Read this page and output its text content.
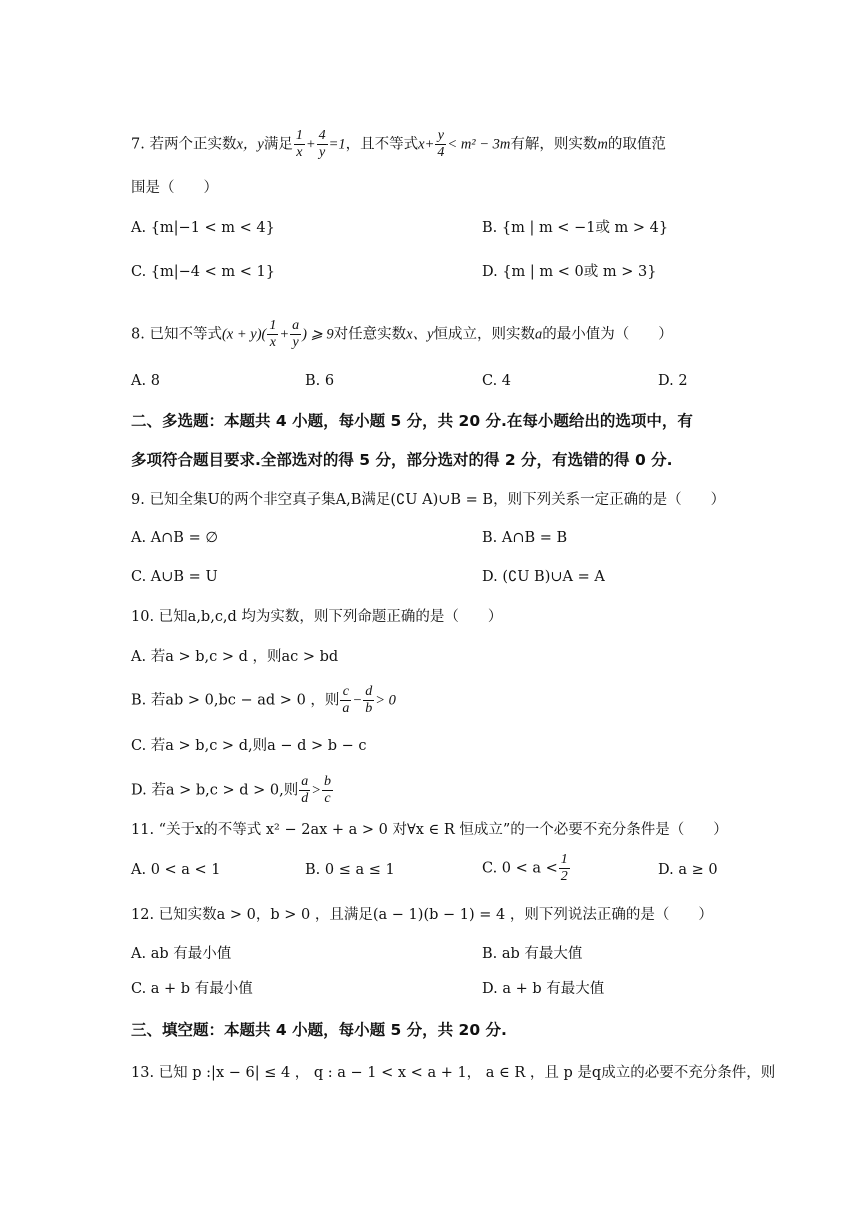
7. 若两个正实数x，y满足 $\frac{1}{x} + \frac{4}{y} =1$，且不等式$x+ \frac{y}{4} < m^2 - 3m$有解，则实数m的取值范
围是（　　）
A. {m|−1 < m < 4}	B. {m | m < −1或 m > 4}
C. {m|−4 < m < 1}	D. {m | m < 0或 m > 3}
8. 已知不等式$(x + y)( \frac{1}{x} + \frac{a}{y}$ ) ⩾ 9对任意实数x、y恒成立，则实数a的最小值为（　　）
A. 8	B. 6	C. 4	D. 2
二、多选题：本题共 4 小题，每小题 5 分，共 20 分.在每小题给出的选项中，有
多项符合题目要求.全部选对的得 5 分，部分选对的得 2 分，有选错的得 0 分.
9. 已知全集U的两个非空真子集A,B满足(∁U A)∪B = B，则下列关系一定正确的是（　　）
A. A∩B = ∅	B. A∩B = B
C. A∪B = U	D. (∁U B)∪A = A
10. 已知a,b,c,d 均为实数，则下列命题正确的是（　　）
A. 若a > b,c > d ，则ac > bd
B. 若ab > 0,bc − ad > 0 ，则 $\frac{c}{a} - \frac{d}{b} > 0$
C. 若a > b,c > d,则a − d > b − c
D. 若a > b,c > d > 0,则 $\frac{a}{d} > \frac{b}{c}$
11. “关于x的不等式 x² − 2ax + a > 0 对∀x ∈ R 恒成立”的一个必要不充分条件是（　　）
A. 0 < a < 1	B. 0 ≤ a ≤ 1	C. $0 < a < \frac{1}{2}$	D. a ≥ 0
12. 已知实数a > 0，b > 0 ，且满足(a − 1)(b − 1) = 4 ，则下列说法正确的是（　　）
A. ab 有最小值	B. ab 有最大值
C. a + b 有最小值	D. a + b 有最大值
三、填空题：本题共 4 小题，每小题 5 分，共 20 分.
13. 已知 p :|x − 6| ≤ 4 ， q : a − 1 < x < a + 1， a ∈ R ，且 p 是q成立的必要不充分条件，则
